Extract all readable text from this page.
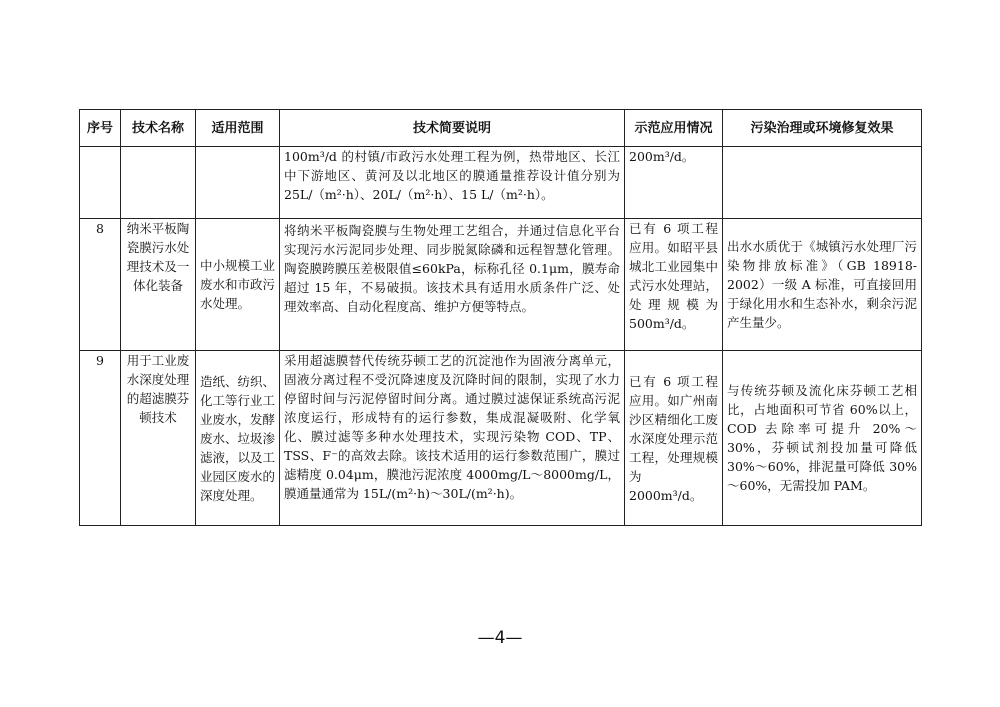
序号	技术名称	适用范围	技术简要说明	示范应用情况	污染治理或环境修复效果
			100m³/d 的村镇/市政污水处理工程为例，热带地区、长江中下游地区、黄河及以北地区的膜通量推荐设计值分别为 25L/（m²·h）、20L/（m²·h）、15 L/（m²·h）。	200m³/d。	
8	纳米平板陶瓷膜污水处理技术及一体化装备	中小规模工业废水和市政污水处理。	将纳米平板陶瓷膜与生物处理工艺组合，并通过信息化平台实现污水污泥同步处理、同步脱氮除磷和远程智慧化管理。陶瓷膜跨膜压差极限值≤60kPa，标称孔径 0.1μm，膜寿命超过 15 年，不易破损。该技术具有适用水质条件广泛、处理效率高、自动化程度高、维护方便等特点。	已有 6 项工程应用。如昭平县城北工业园集中式污水处理站，处理规模为 500m³/d。	出水水质优于《城镇污水处理厂污染物排放标准》（GB 18918-2002）一级 A 标准，可直接回用于绿化用水和生态补水，剩余污泥产生量少。
9	用于工业废水深度处理的超滤膜芬顿技术	造纸、纺织、化工等行业工业废水，发酵废水、垃圾渗滤液，以及工业园区废水的深度处理。	采用超滤膜替代传统芬顿工艺的沉淀池作为固液分离单元，固液分离过程不受沉降速度及沉降时间的限制，实现了水力停留时间与污泥停留时间分离。通过膜过滤保证系统高污泥浓度运行，形成特有的运行参数，集成混凝吸附、化学氧化、膜过滤等多种水处理技术，实现污染物 COD、TP、TSS、F⁻的高效去除。该技术适用的运行参数范围广，膜过滤精度 0.04μm，膜池污泥浓度 4000mg/L～8000mg/L，膜通量通常为 15L/(m²·h)～30L/(m²·h)。	已有 6 项工程应用。如广州南沙区精细化工废水深度处理示范工程，处理规模为 2000m³/d。	与传统芬顿及流化床芬顿工艺相比，占地面积可节省 60%以上，COD 去除率可提升 20%～30%，芬顿试剂投加量可降低 30%～60%，排泥量可降低 30%～60%，无需投加 PAM。
—4—
